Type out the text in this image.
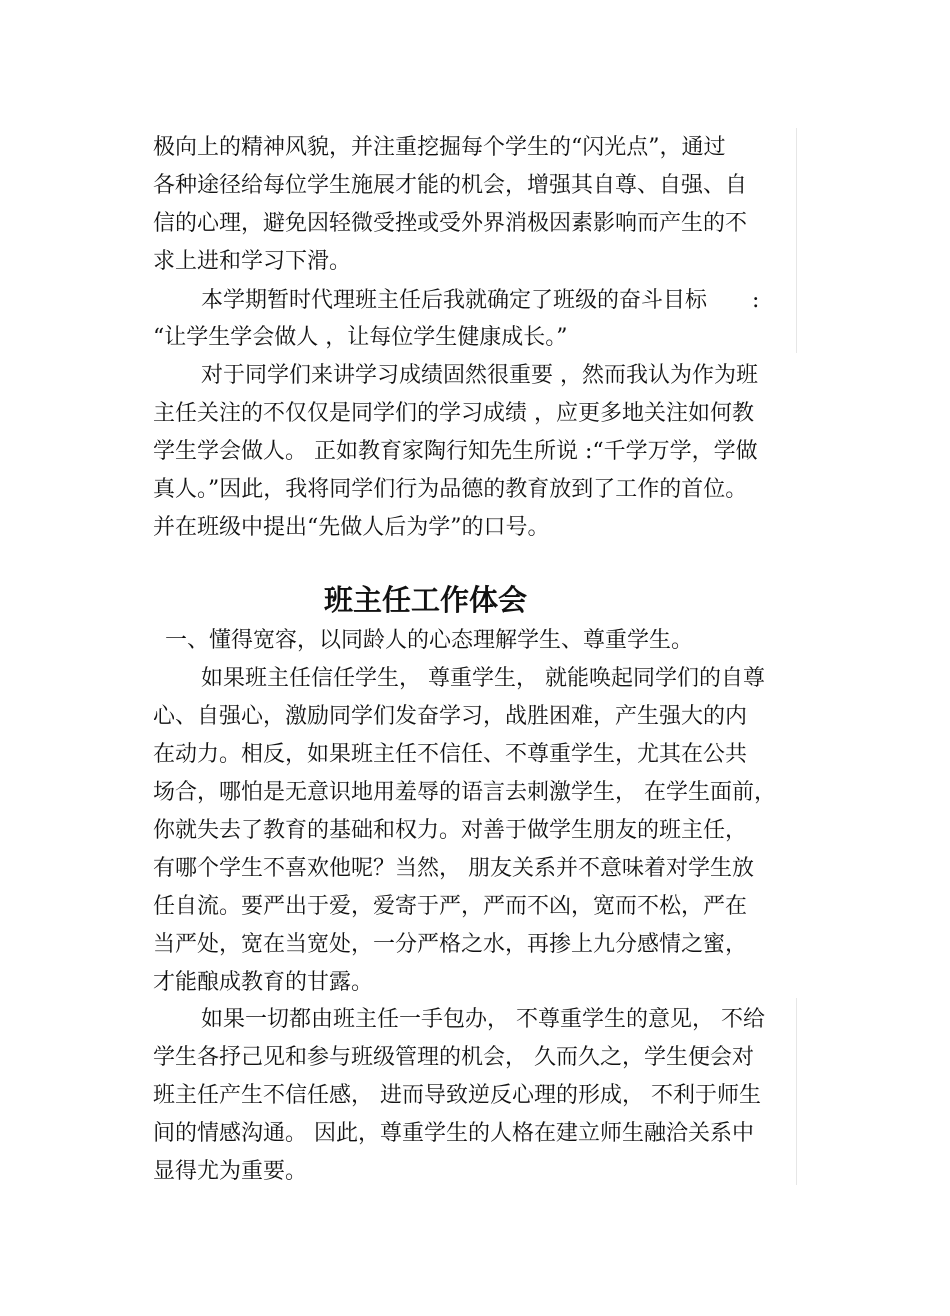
极向上的精神风貌，并注重挖掘每个学生的“闪光点”，通过

各种途径给每位学生施展才能的机会，增强其自尊、自强、自

信的心理，避免因轻微受挫或受外界消极因素影响而产生的不

求上进和学习下滑。

本学期暂时代理班主任后我就确定了班级的奋斗目标 :

“让学生学会做人 ，让每位学生健康成长。”

对于同学们来讲学习成绩固然很重要 ，然而我认为作为班

主任关注的不仅仅是同学们的学习成绩 ，应更多地关注如何教

学生学会做人。 正如教育家陶行知先生所说 :“千学万学，学做

真人。”因此，我将同学们行为品德的教育放到了工作的首位。

并在班级中提出“先做人后为学”的口号。

班主任工作体会

一、懂得宽容，以同龄人的心态理解学生、尊重学生。

如果班主任信任学生， 尊重学生， 就能唤起同学们的自尊

心、自强心，激励同学们发奋学习，战胜困难，产生强大的内

在动力。相反，如果班主任不信任、不尊重学生，尤其在公共

场合，哪怕是无意识地用羞辱的语言去刺激学生， 在学生面前，

你就失去了教育的基础和权力。对善于做学生朋友的班主任，

有哪个学生不喜欢他呢？当然， 朋友关系并不意味着对学生放

任自流。要严出于爱，爱寄于严，严而不凶，宽而不松，严在

当严处，宽在当宽处，一分严格之水，再掺上九分感情之蜜，

才能酿成教育的甘露。

如果一切都由班主任一手包办， 不尊重学生的意见， 不给

学生各抒己见和参与班级管理的机会， 久而久之，学生便会对

班主任产生不信任感， 进而导致逆反心理的形成， 不利于师生

间的情感沟通。 因此，尊重学生的人格在建立师生融洽关系中

显得尤为重要。
